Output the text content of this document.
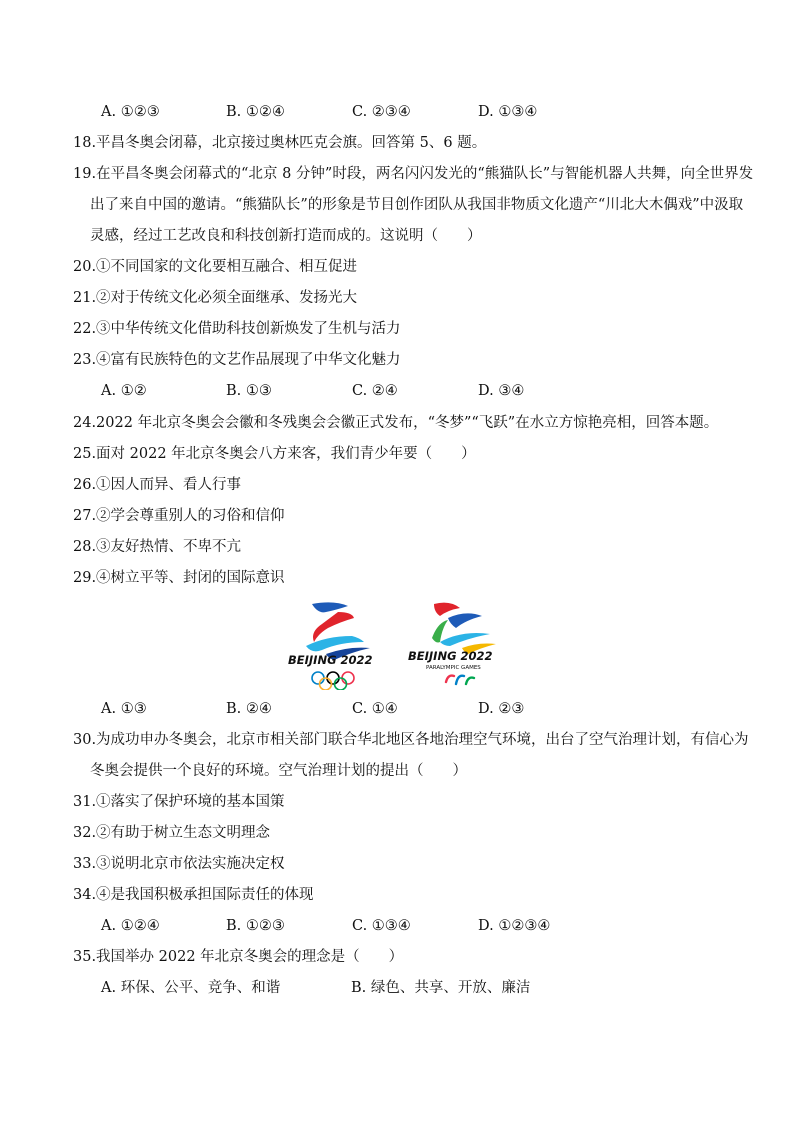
A. ①②③	B. ①②④	C. ②③④	D. ①③④
18.平昌冬奥会闭幕，北京接过奥林匹克会旗。回答第 5、6 题。
19.在平昌冬奥会闭幕式的“北京 8 分钟”时段，两名闪闪发光的“熊猫队长”与智能机器人共舞，向全世界发
出了来自中国的邀请。“熊猫队长”的形象是节目创作团队从我国非物质文化遗产“川北大木偶戏”中汲取
灵感，经过工艺改良和科技创新打造而成的。这说明（　　）
20.①不同国家的文化要相互融合、相互促进
21.②对于传统文化必须全面继承、发扬光大
22.③中华传统文化借助科技创新焕发了生机与活力
23.④富有民族特色的文艺作品展现了中华文化魅力
A. ①②	B. ①③	C. ②④	D. ③④
24.2022 年北京冬奥会会徽和冬残奥会会徽正式发布，“冬梦”“飞跃”在水立方惊艳亮相，回答本题。
25.面对 2022 年北京冬奥会八方来客，我们青少年要（　　）
26.①因人而异、看人行事
27.②学会尊重别人的习俗和信仰
28.③友好热情、不卑不亢
29.④树立平等、封闭的国际意识
BEIJING 2022	BEIJING 2022
PARALYMPIC GAMES
A. ①③	B. ②④	C. ①④	D. ②③
30.为成功申办冬奥会，北京市相关部门联合华北地区各地治理空气环境，出台了空气治理计划，有信心为
冬奥会提供一个良好的环境。空气治理计划的提出（　　）
31.①落实了保护环境的基本国策
32.②有助于树立生态文明理念
33.③说明北京市依法实施决定权
34.④是我国积极承担国际责任的体现
A. ①②④	B. ①②③	C. ①③④	D. ①②③④
35.我国举办 2022 年北京冬奥会的理念是（　　）
A. 环保、公平、竞争、和谐	B. 绿色、共享、开放、廉洁
